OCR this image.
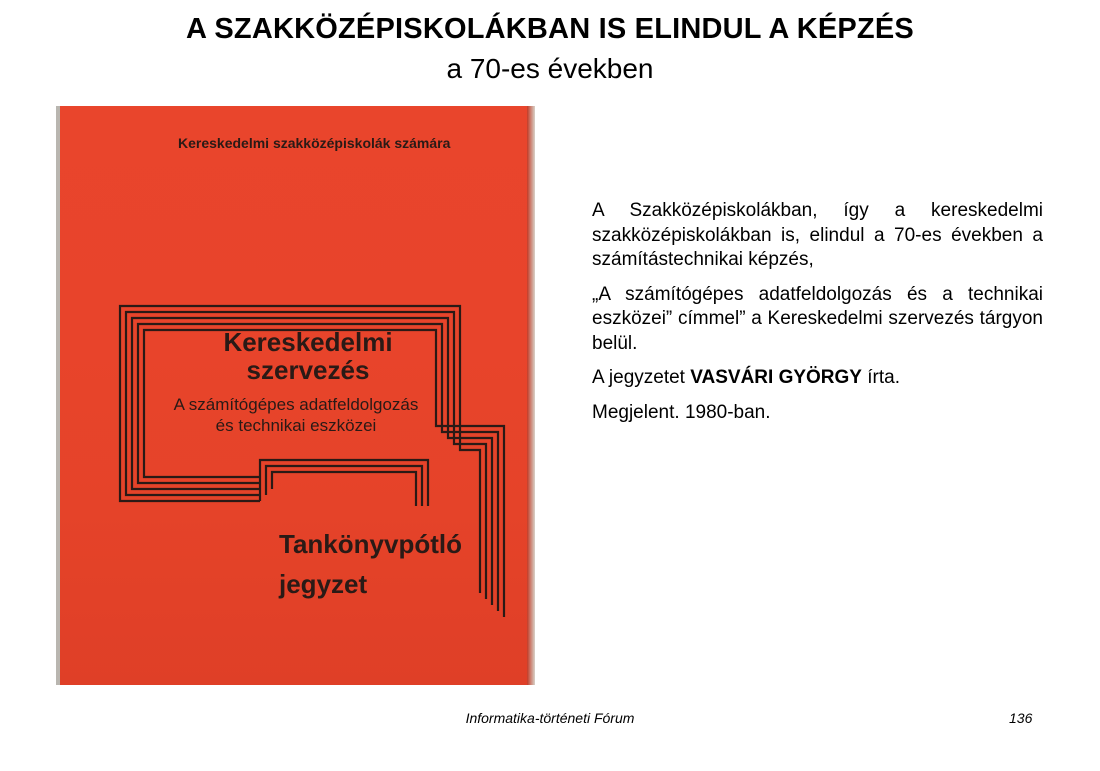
A SZAKKÖZÉPISKOLÁKBAN IS ELINDUL A KÉPZÉS
a 70-es években
Kereskedelmi szakközépiskolák számára
Kereskedelmi
szervezés
A számítógépes adatfeldolgozás
és technikai eszközei
Tankönyvpótló
jegyzet

A Szakközépiskolákban, így a kereskedelmi szakközépiskolákban is, elindul a 70-es években a számítástechnikai képzés,

„A számítógépes adatfeldolgozás és a technikai eszközei” címmel” a Kereskedelmi szervezés tárgyon belül.

A jegyzetet VASVÁRI GYÖRGY írta.

Megjelent. 1980-ban.

Informatika-történeti Fórum	136
